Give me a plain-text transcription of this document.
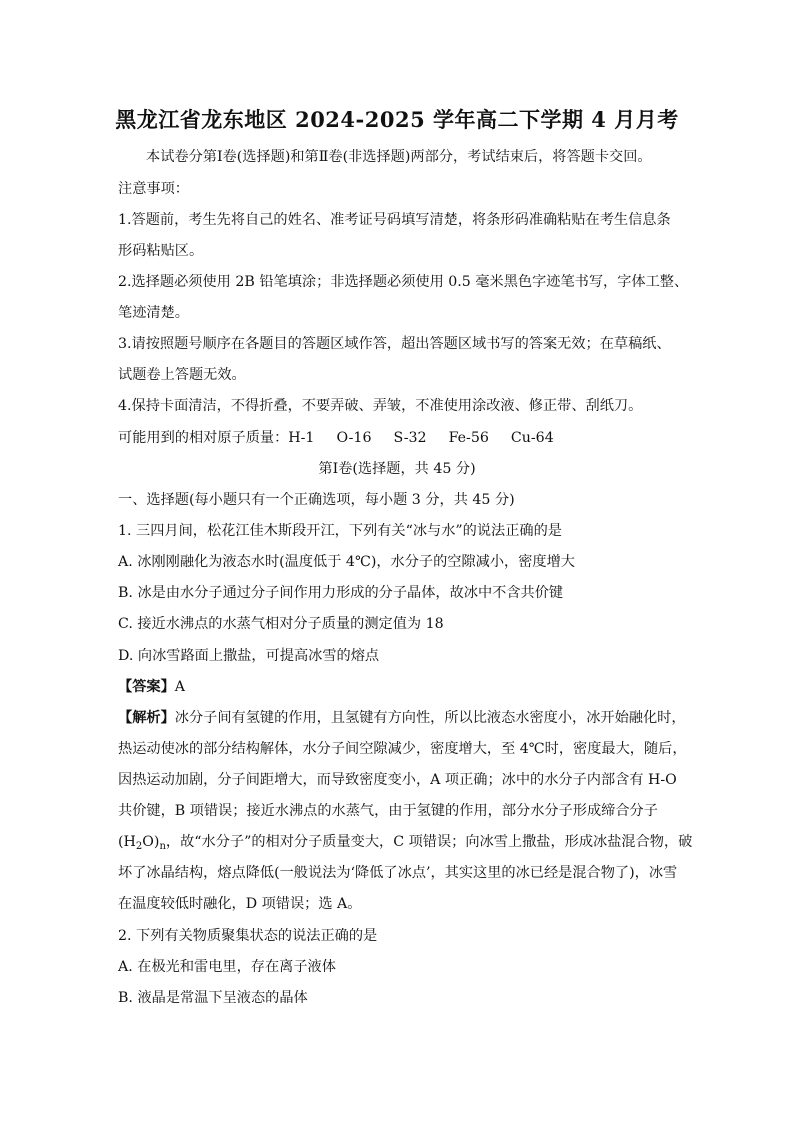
黑龙江省龙东地区 2024-2025 学年高二下学期 4 月月考
本试卷分第Ⅰ卷(选择题)和第Ⅱ卷(非选择题)两部分，考试结束后，将答题卡交回。
注意事项：
1.答题前，考生先将自己的姓名、准考证号码填写清楚，将条形码准确粘贴在考生信息条
形码粘贴区。
2.选择题必须使用 2B 铅笔填涂；非选择题必须使用 0.5 毫米黑色字迹笔书写，字体工整、
笔迹清楚。
3.请按照题号顺序在各题目的答题区域作答，超出答题区域书写的答案无效；在草稿纸、
试题卷上答题无效。
4.保持卡面清洁，不得折叠，不要弄破、弄皱，不准使用涂改液、修正带、刮纸刀。
可能用到的相对原子质量：H-1 O-16 S-32 Fe-56 Cu-64
第Ⅰ卷(选择题，共 45 分)
一、选择题(每小题只有一个正确选项，每小题 3 分，共 45 分)
1. 三四月间，松花江佳木斯段开江，下列有关“冰与水”的说法正确的是
A. 冰刚刚融化为液态水时(温度低于 4℃)，水分子的空隙减小，密度增大
B. 冰是由水分子通过分子间作用力形成的分子晶体，故冰中不含共价键
C. 接近水沸点的水蒸气相对分子质量的测定值为 18
D. 向冰雪路面上撒盐，可提高冰雪的熔点
【答案】A
【解析】冰分子间有氢键的作用，且氢键有方向性，所以比液态水密度小，冰开始融化时，
热运动使冰的部分结构解体，水分子间空隙减少，密度增大，至 4℃时，密度最大，随后，
因热运动加剧，分子间距增大，而导致密度变小，A 项正确；冰中的水分子内部含有 H-O
共价键，B 项错误；接近水沸点的水蒸气，由于氢键的作用，部分水分子形成缔合分子
$(H_2O)_n$，故“水分子”的相对分子质量变大，C 项错误；向冰雪上撒盐，形成冰盐混合物，破
坏了冰晶结构，熔点降低(一般说法为‘降低了冰点’，其实这里的冰已经是混合物了)，冰雪
在温度较低时融化，D 项错误；选 A。
2. 下列有关物质聚集状态的说法正确的是
A. 在极光和雷电里，存在离子液体
B. 液晶是常温下呈液态的晶体
